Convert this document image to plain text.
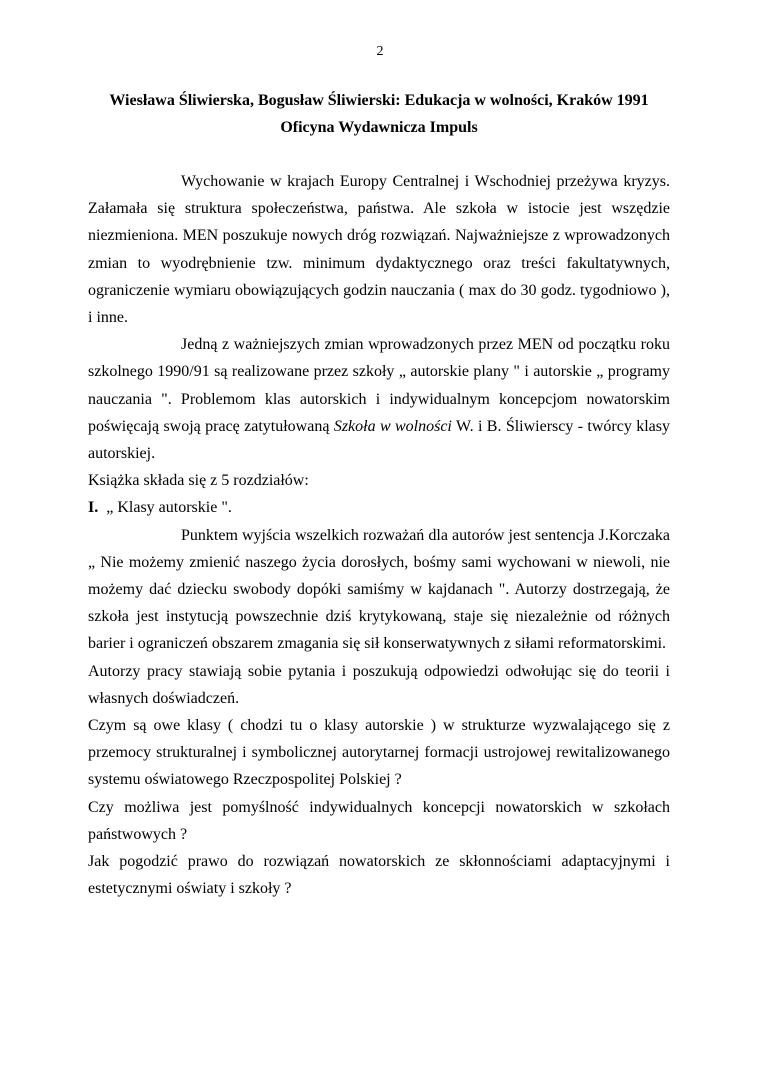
2
Wiesława Śliwierska, Bogusław Śliwierski: Edukacja w wolności, Kraków 1991
Oficyna Wydawnicza Impuls

Wychowanie w krajach Europy Centralnej i Wschodniej przeżywa kryzys. Załamała się struktura społeczeństwa, państwa. Ale szkoła w istocie jest wszędzie niezmieniona. MEN poszukuje nowych dróg rozwiązań. Najważniejsze z wprowadzonych zmian to wyodrębnienie tzw. minimum dydaktycznego oraz treści fakultatywnych, ograniczenie wymiaru obowiązujących godzin nauczania ( max do 30 godz. tygodniowo ), i inne.

Jedną z ważniejszych zmian wprowadzonych przez MEN od początku roku szkolnego 1990/91 są realizowane przez szkoły „ autorskie plany " i autorskie „ programy nauczania ". Problemom klas autorskich i indywidualnym koncepcjom nowatorskim poświęcają swoją pracę zatytułowaną Szkoła w wolności W. i B. Śliwierscy - twórcy klasy autorskiej.

Książka składa się z 5 rozdziałów:

I. „ Klasy autorskie ".

Punktem wyjścia wszelkich rozważań dla autorów jest sentencja J.Korczaka „ Nie możemy zmienić naszego życia dorosłych, bośmy sami wychowani w niewoli, nie możemy dać dziecku swobody dopóki samiśmy w kajdanach ". Autorzy dostrzegają, że szkoła jest instytucją powszechnie dziś krytykowaną, staje się niezależnie od różnych barier i ograniczeń obszarem zmagania się sił konserwatywnych z siłami reformatorskimi.

Autorzy pracy stawiają sobie pytania i poszukują odpowiedzi odwołując się do teorii i własnych doświadczeń.

Czym są owe klasy ( chodzi tu o klasy autorskie ) w strukturze wyzwalającego się z przemocy strukturalnej i symbolicznej autorytarnej formacji ustrojowej rewitalizowanego systemu oświatowego Rzeczpospolitej Polskiej ?

Czy możliwa jest pomyślność indywidualnych koncepcji nowatorskich w szkołach państwowych ?

Jak pogodzić prawo do rozwiązań nowatorskich ze skłonnościami adaptacyjnymi i estetycznymi oświaty i szkoły ?
